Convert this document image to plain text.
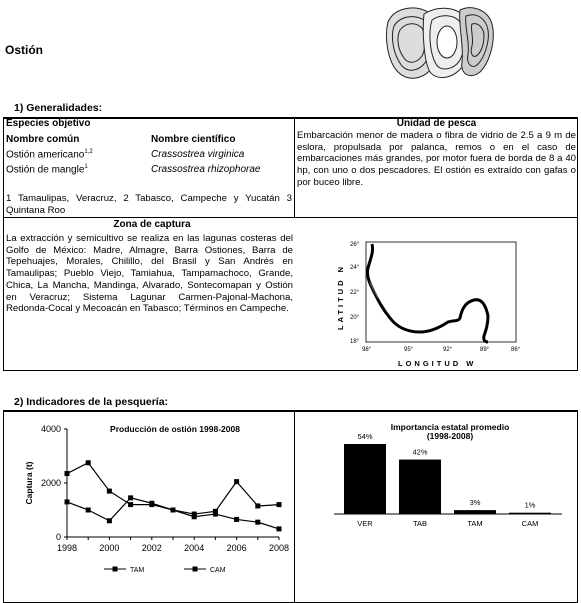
Ostión
1) Generalidades:
Especies objetivo
Nombre común	Nombre científico
Ostión americano$^{1,2}$	Crassostrea virginica
Ostión de mangle$^1$	Crassostrea rhizophorae
1 Tamaulipas, Veracruz, 2 Tabasco, Campeche y Yucatán 3 Quintana Roo
Unidad de pesca
Embarcación menor de madera o fibra de vidrio de 2.5 a 9 m de eslora, propulsada por palanca, remos o en el caso de embarcaciones más grandes, por motor fuera de borda de 8 a 40 hp, con uno o dos pescadores. El ostión es extraído con gafas o por buceo libre.
Zona de captura
La extracción y semicultivo se realiza en las lagunas costeras del Golfo de México: Madre, Almagre, Barra Ostiones, Barra de Tepehuajes, Morales, Chilillo, del Brasil y San Andrés en Tamaulipas; Pueblo Viejo, Tamiahua, Tampamachoco, Grande, Chica, La Mancha, Mandinga, Alvarado, Sontecomapan y Ostión en Veracruz; Sistema Lagunar Carmen-Pajonal-Machona, Redonda-Cocal y Mecoacán en Tabasco; Términos en Campeche.
26°
24°
22°
20°
18°
98°	95°	92°	89°	86°
LONGITUD W
LATITUD N
2) Indicadores de la pesquería:
Producción de ostión 1998-2008
0
2000
4000
1998 2000 2002 2004 2006 2008
Captura (t)
TAM	CAM
Importancia estatal promedio
(1998-2008)
54%
VER
42%
TAB
3%
TAM
1%
CAM
